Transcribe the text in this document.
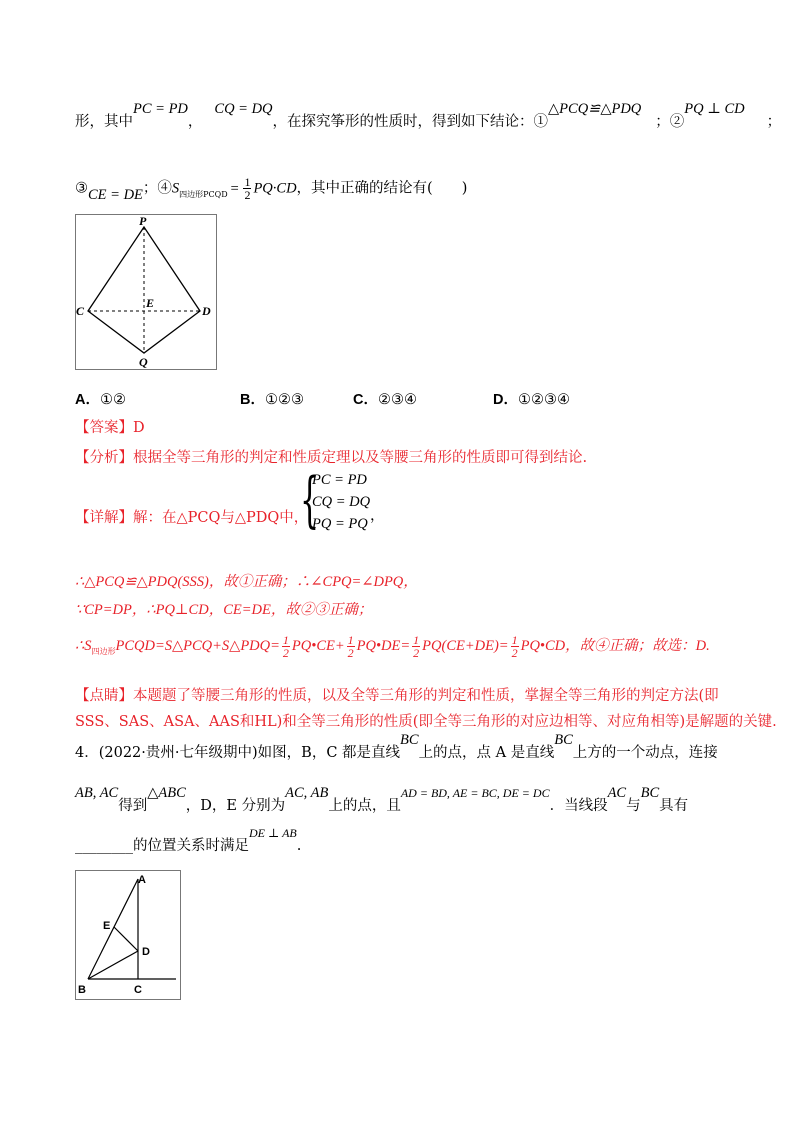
形，其中PC = PD，CQ = DQ，在探究筝形的性质时，得到如下结论：①△PCQ≌△PDQ；②PQ ⊥ CD；
③CE = DE；$④S_{四边形PCQD} = \frac{1}{2} PQ\cdot CD$，其中正确的结论有(　　)
P
C
E
D
Q
A．①②	B．①②③	C．②③④	D．①②③④
【答案】D
【分析】根据全等三角形的判定和性质定理以及等腰三角形的性质即可得到结论.
【详解】解：在△PCQ与△PDQ中，
{
PC = PD
CQ = DQ
PQ = PQ ，
∴△PCQ≌△PDQ(SSS)，故①正确；∴∠CPQ=∠DPQ，
∵CP=DP，∴PQ⊥CD，CE=DE，故②③正确；
$\therefore S_{四边形}PCQD=S\triangle PCQ+S\triangle PDQ= \frac{1}{2}$ PQ•CE+ $\frac{1}{2}$ PQ•DE= $\frac{1}{2} PQ(CE+DE)= \frac{1}{2}$ PQ•CD，故④正确；故选：D.
【点睛】本题题了等腰三角形的性质，以及全等三角形的判定和性质，掌握全等三角形的判定方法(即
SSS、SAS、ASA、AAS和HL)和全等三角形的性质(即全等三角形的对应边相等、对应角相等)是解题的关键.
4．(2022·贵州·七年级期中)如图，B，C 都是直线BC上的点，点 A 是直线BC上方的一个动点，连接
AB, AC得到△ABC，D，E 分别为AC, AB上的点，且$^{AD = BD, AE = BC, DE = DC}$．当线段AC与BC具有
________的位置关系时满足$^{DE \perp AB}$.
A
E
D
B	C
